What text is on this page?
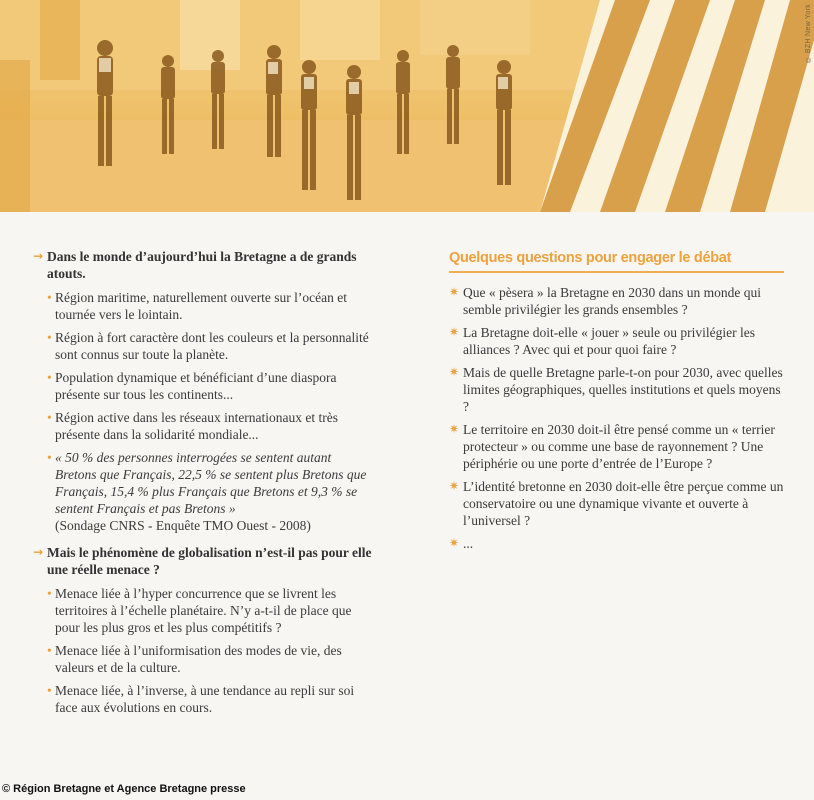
© BZH New York
→ Dans le monde d’aujourd’hui la Bretagne a de grands atouts.
• Région maritime, naturellement ouverte sur l’océan et tournée vers le lointain.
• Région à fort caractère dont les couleurs et la personnalité sont connus sur toute la planète.
• Population dynamique et bénéficiant d’une diaspora présente sur tous les continents...
• Région active dans les réseaux internationaux et très présente dans la solidarité mondiale...
• « 50 % des personnes interrogées se sentent autant Bretons que Français, 22,5 % se sentent plus Bretons que Français, 15,4 % plus Français que Bretons et 9,3 % se sentent Français et pas Bretons »
(Sondage CNRS - Enquête TMO Ouest - 2008)
→ Mais le phénomène de globalisation n’est-il pas pour elle une réelle menace ?
• Menace liée à l’hyper concurrence que se livrent les territoires à l’échelle planétaire. N’y a-t-il de place que pour les plus gros et les plus compétitifs ?
• Menace liée à l’uniformisation des modes de vie, des valeurs et de la culture.
• Menace liée, à l’inverse, à une tendance au repli sur soi face aux évolutions en cours.
Quelques questions pour engager le débat
✷ Que « pèsera » la Bretagne en 2030 dans un monde qui semble privilégier les grands ensembles ?
✷ La Bretagne doit-elle « jouer » seule ou privilégier les alliances ? Avec qui et pour quoi faire ?
✷ Mais de quelle Bretagne parle-t-on pour 2030, avec quelles limites géographiques, quelles institutions et quels moyens ?
✷ Le territoire en 2030 doit-il être pensé comme un « terrier protecteur » ou comme une base de rayonnement ? Une périphérie ou une porte d’entrée de l’Europe ?
✷ L’identité bretonne en 2030 doit-elle être perçue comme un conservatoire ou une dynamique vivante et ouverte à l’universel ?
✷ ...
© Région Bretagne et Agence Bretagne presse
